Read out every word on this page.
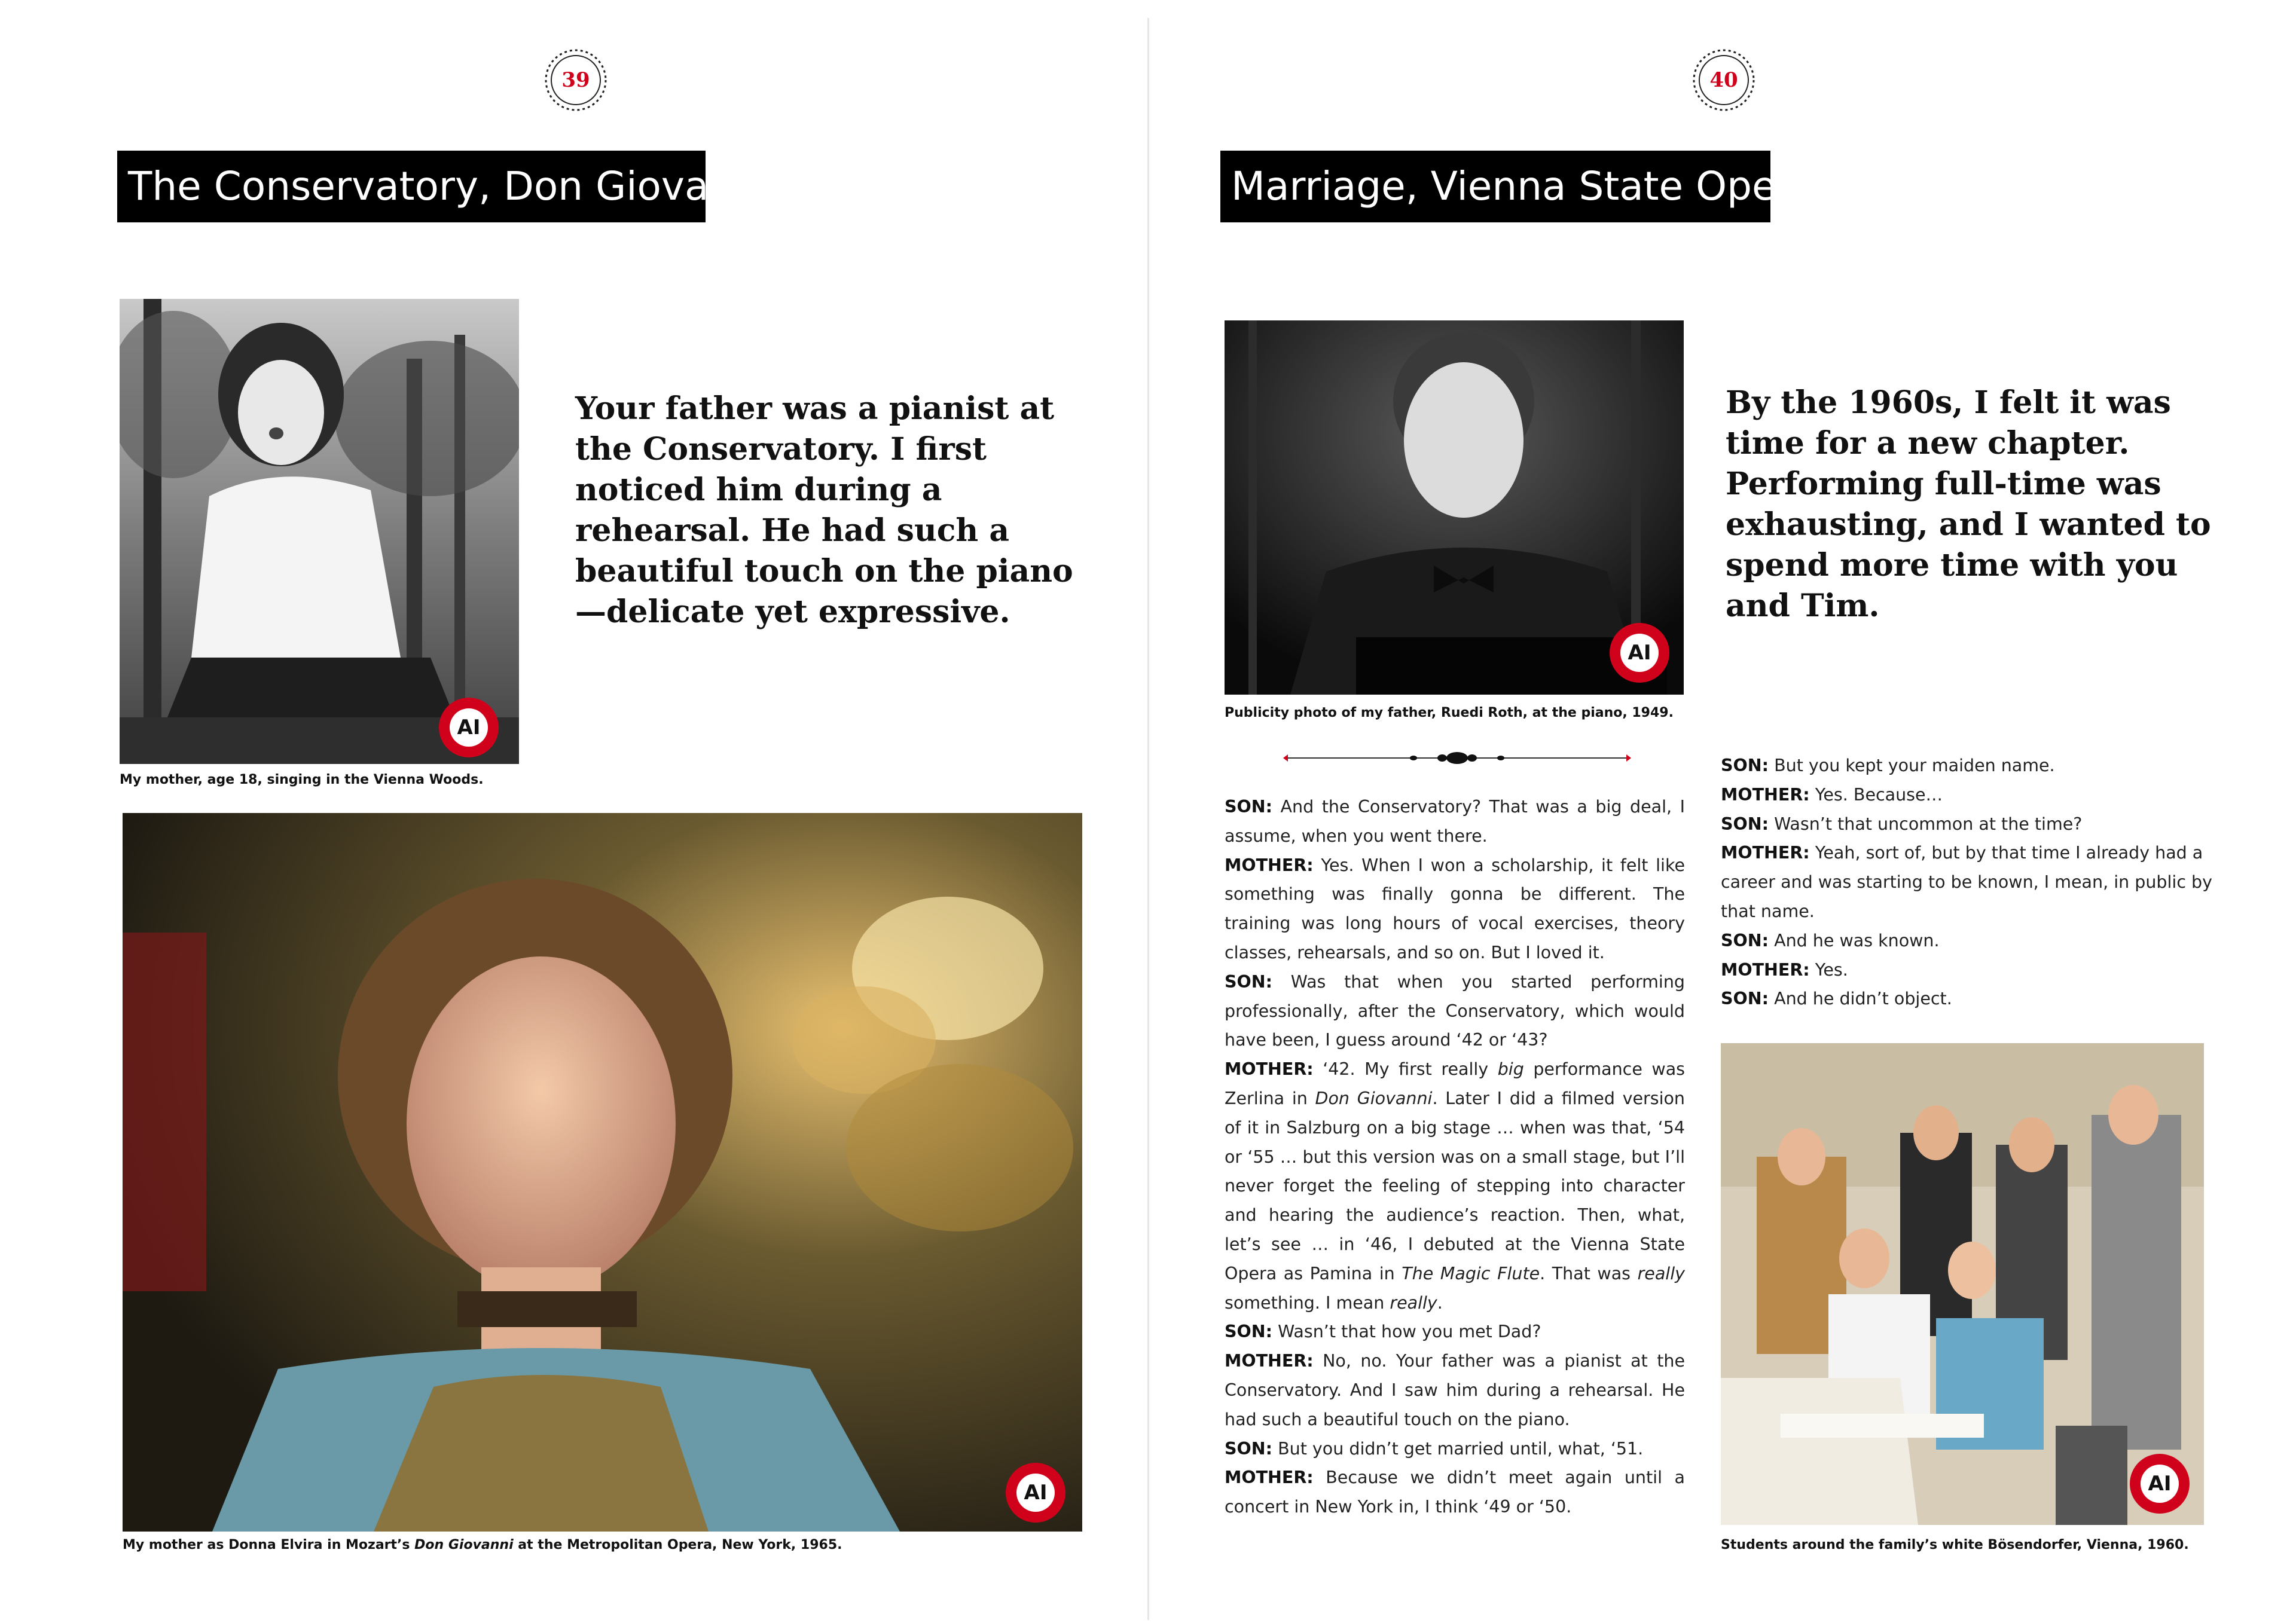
39
The Conservatory, Don Giovanni
AI
My mother, age 18, singing in the Vienna Woods.
Your father was a pianist at the Conservatory. I first noticed him during a rehearsal. He had such a beautiful touch on the piano—delicate yet expressive.
AI
My mother as Donna Elvira in Mozart’s Don Giovanni at the Metropolitan Opera, New York, 1965.
40
Marriage, Vienna State Opera
AI
Publicity photo of my father, Ruedi Roth, at the piano, 1949.
By the 1960s, I felt it was time for a new chapter. Performing full-time was exhausting, and I wanted to spend more time with you and Tim.

SON: And the Conservatory? That was a big deal, I assume, when you went there.

MOTHER: Yes. When I won a scholarship, it felt like something was finally gonna be different. The training was long hours of vocal exercises, theory classes, rehearsals, and so on. But I loved it.

SON: Was that when you started performing professionally, after the Conservatory, which would have been, I guess around ‘42 or ‘43?

MOTHER: ‘42. My first really big performance was Zerlina in Don Giovanni. Later I did a filmed version of it in Salzburg on a big stage … when was that, ‘54 or ‘55 … but this version was on a small stage, but I’ll never forget the feeling of stepping into character and hearing the audience’s reaction. Then, what, let’s see … in ‘46, I debuted at the Vienna State Opera as Pamina in The Magic Flute. That was really something. I mean really.

SON: Wasn’t that how you met Dad?

MOTHER: No, no. Your father was a pianist at the Conservatory. And I saw him during a rehearsal. He had such a beautiful touch on the piano.

SON: But you didn’t get married until, what, ‘51.

MOTHER: Because we didn’t meet again until a concert in New York in, I think ‘49 or ‘50.

SON: But you kept your maiden name.

MOTHER: Yes. Because…

SON: Wasn’t that uncommon at the time?

MOTHER: Yeah, sort of, but by that time I already had a career and was starting to be known, I mean, in public by that name.

SON: And he was known.

MOTHER: Yes.

SON: And he didn’t object.

AI
Students around the family’s white Bösendorfer, Vienna, 1960.
